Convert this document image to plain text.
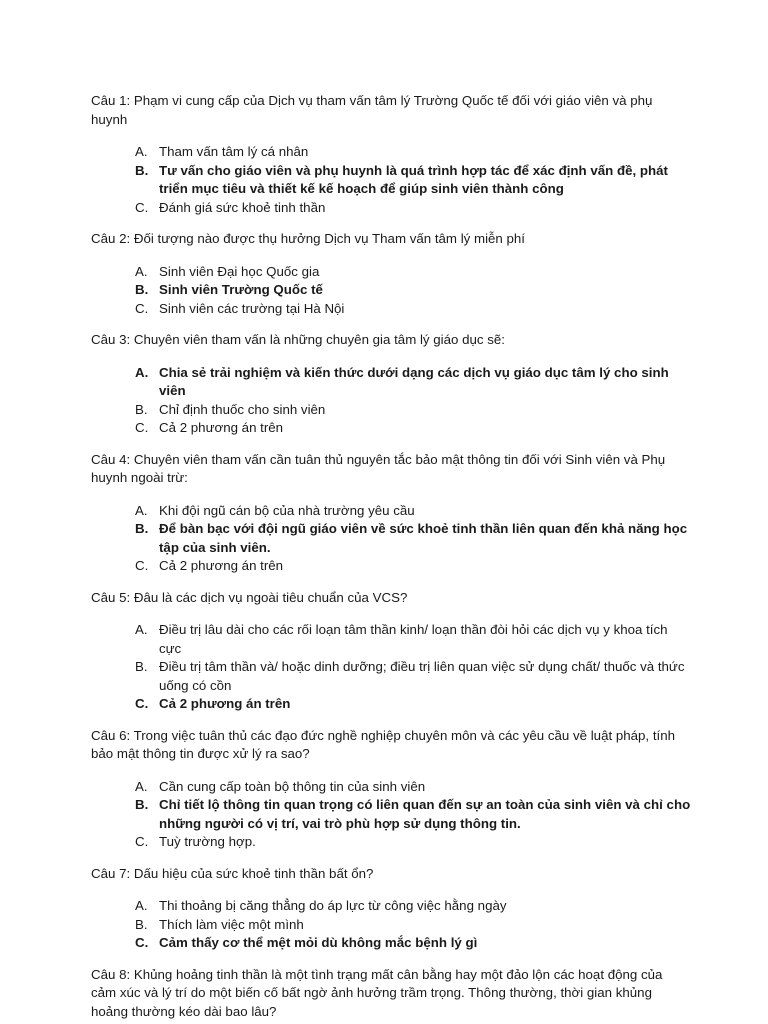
Câu 1: Phạm vi cung cấp của Dịch vụ tham vấn tâm lý Trường Quốc tế đối với giáo viên và phụ huynh

A. Tham vấn tâm lý cá nhân
B. Tư vấn cho giáo viên và phụ huynh là quá trình hợp tác để xác định vấn đề, phát triển mục tiêu và thiết kế kế hoạch để giúp sinh viên thành công
C. Đánh giá sức khoẻ tinh thần

Câu 2: Đối tượng nào được thụ hưởng Dịch vụ Tham vấn tâm lý miễn phí

A. Sinh viên Đại học Quốc gia
B. Sinh viên Trường Quốc tế
C. Sinh viên các trường tại Hà Nội

Câu 3: Chuyên viên tham vấn là những chuyên gia tâm lý giáo dục sẽ:

A. Chia sẻ trải nghiệm và kiến thức dưới dạng các dịch vụ giáo dục tâm lý cho sinh viên
B. Chỉ định thuốc cho sinh viên
C. Cả 2 phương án trên

Câu 4: Chuyên viên tham vấn cần tuân thủ nguyên tắc bảo mật thông tin đối với Sinh viên và Phụ huynh ngoài trừ:

A. Khi đội ngũ cán bộ của nhà trường yêu cầu
B. Để bàn bạc với đội ngũ giáo viên về sức khoẻ tinh thần liên quan đến khả năng học tập của sinh viên.
C. Cả 2 phương án trên

Câu 5: Đâu là các dịch vụ ngoài tiêu chuẩn của VCS?

A. Điều trị lâu dài cho các rối loạn tâm thần kinh/ loạn thần đòi hỏi các dịch vụ y khoa tích cực
B. Điều trị tâm thần và/ hoặc dinh dưỡng; điều trị liên quan việc sử dụng chất/ thuốc và thức uống có cồn
C. Cả 2 phương án trên

Câu 6: Trong việc tuân thủ các đạo đức nghề nghiệp chuyên môn và các yêu cầu về luật pháp, tính bảo mật thông tin được xử lý ra sao?

A. Cần cung cấp toàn bộ thông tin của sinh viên
B. Chỉ tiết lộ thông tin quan trọng có liên quan đến sự an toàn của sinh viên và chỉ cho những người có vị trí, vai trò phù hợp sử dụng thông tin.
C. Tuỳ trường hợp.

Câu 7: Dấu hiệu của sức khoẻ tinh thần bất ổn?

A. Thi thoảng bị căng thẳng do áp lực từ công việc hằng ngày
B. Thích làm việc một mình
C. Cảm thấy cơ thể mệt mỏi dù không mắc bệnh lý gì

Câu 8: Khủng hoảng tinh thần là một tình trạng mất cân bằng hay một đảo lộn các hoạt động của cảm xúc và lý trí do một biến cố bất ngờ ảnh hưởng trầm trọng. Thông thường, thời gian khủng hoảng thường kéo dài bao lâu?
